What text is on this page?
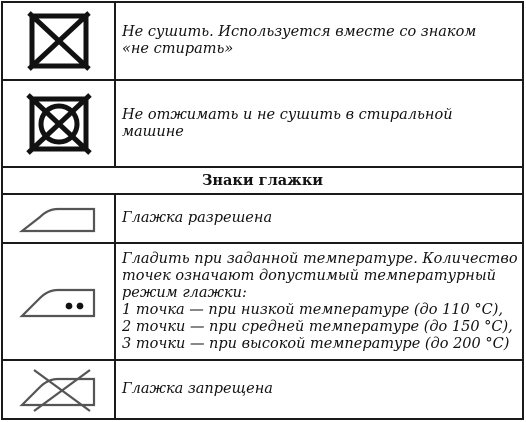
Не сушить. Используется вместе со знаком
«не стирать»
Не отжимать и не сушить в стиральной
машине
Знаки глажки
Глажка разрешена
Гладить при заданной температуре. Количество
точек означают допустимый температурный
режим глажки:
1 точка — при низкой температуре (до 110 °C),
2 точки — при средней температуре (до 150 °C),
3 точки — при высокой температуре (до 200 °C)
Глажка запрещена
